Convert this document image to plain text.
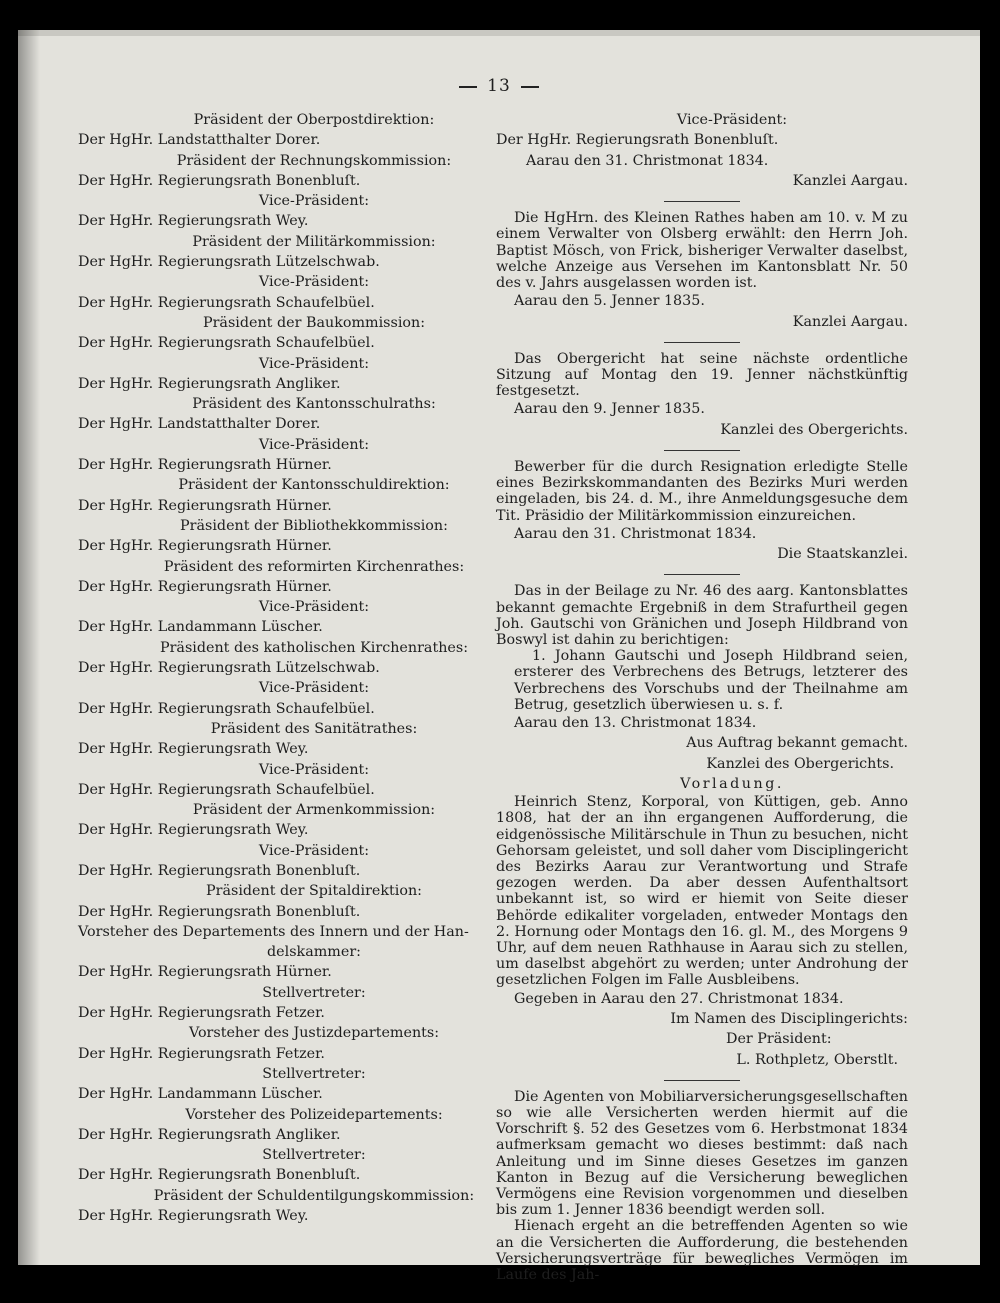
13
Präsident der Oberpostdirektion:
Der HgHr. Landstatthalter Dorer.
Präsident der Rechnungskommission:
Der HgHr. Regierungsrath Bonenbluſt.
Vice-Präsident:
Der HgHr. Regierungsrath Wey.
Präsident der Militärkommission:
Der HgHr. Regierungsrath Lützelschwab.
Vice-Präsident:
Der HgHr. Regierungsrath Schaufelbüel.
Präsident der Baukommission:
Der HgHr. Regierungsrath Schaufelbüel.
Vice-Präsident:
Der HgHr. Regierungsrath Angliker.
Präsident des Kantonsschulraths:
Der HgHr. Landstatthalter Dorer.
Vice-Präsident:
Der HgHr. Regierungsrath Hürner.
Präsident der Kantonsschuldirektion:
Der HgHr. Regierungsrath Hürner.
Präsident der Bibliothekkommission:
Der HgHr. Regierungsrath Hürner.
Präsident des reformirten Kirchenrathes:
Der HgHr. Regierungsrath Hürner.
Vice-Präsident:
Der HgHr. Landammann Lüscher.
Präsident des katholischen Kirchenrathes:
Der HgHr. Regierungsrath Lützelschwab.
Vice-Präsident:
Der HgHr. Regierungsrath Schaufelbüel.
Präsident des Sanitätrathes:
Der HgHr. Regierungsrath Wey.
Vice-Präsident:
Der HgHr. Regierungsrath Schaufelbüel.
Präsident der Armenkommission:
Der HgHr. Regierungsrath Wey.
Vice-Präsident:
Der HgHr. Regierungsrath Bonenbluſt.
Präsident der Spitaldirektion:
Der HgHr. Regierungsrath Bonenbluſt.
Vorsteher des Departements des Innern und der Han-
delskammer:
Der HgHr. Regierungsrath Hürner.
Stellvertreter:
Der HgHr. Regierungsrath Fetzer.
Vorsteher des Justizdepartements:
Der HgHr. Regierungsrath Fetzer.
Stellvertreter:
Der HgHr. Landammann Lüscher.
Vorsteher des Polizeidepartements:
Der HgHr. Regierungsrath Angliker.
Stellvertreter:
Der HgHr. Regierungsrath Bonenbluſt.
Präsident der Schuldentilgungskommission:
Der HgHr. Regierungsrath Wey.
Vice-Präsident:
Der HgHr. Regierungsrath Bonenbluſt.
Aarau den 31. Christmonat 1834.
Kanzlei Aargau.

Die HgHrn. des Kleinen Rathes haben am 10. v. M zu einem Verwalter von Olsberg erwählt: den Herrn Joh. Baptist Mösch, von Frick, bisheriger Verwalter daselbst, welche Anzeige aus Versehen im Kantonsblatt Nr. 50 des v. Jahrs ausgelassen worden ist.

Aarau den 5. Jenner 1835.
Kanzlei Aargau.

Das Obergericht hat seine nächste ordentliche Sitzung auf Montag den 19. Jenner nächstkünftig festgesetzt.

Aarau den 9. Jenner 1835.
Kanzlei des Obergerichts.

Bewerber für die durch Resignation erledigte Stelle eines Bezirkskommandanten des Bezirks Muri werden eingeladen, bis 24. d. M., ihre Anmeldungsgesuche dem Tit. Präsidio der Militärkommission einzureichen.

Aarau den 31. Christmonat 1834.
Die Staatskanzlei.

Das in der Beilage zu Nr. 46 des aarg. Kantonsblattes bekannt gemachte Ergebniß in dem Strafurtheil gegen Joh. Gautschi von Gränichen und Joseph Hildbrand von Boswyl ist dahin zu berichtigen:

1. Johann Gautschi und Joseph Hildbrand seien, ersterer des Verbrechens des Betrugs, letzterer des Verbrechens des Vorschubs und der Theilnahme am Betrug, gesetzlich überwiesen u. s. f.

Aarau den 13. Christmonat 1834.
Aus Auftrag bekannt gemacht.
Kanzlei des Obergerichts.
Vorladung.

Heinrich Stenz, Korporal, von Küttigen, geb. Anno 1808, hat der an ihn ergangenen Aufforderung, die eidgenössische Militärschule in Thun zu besuchen, nicht Gehorsam geleistet, und soll daher vom Disciplingericht des Bezirks Aarau zur Verantwortung und Strafe gezogen werden. Da aber dessen Aufenthaltsort unbekannt ist, so wird er hiemit von Seite dieser Behörde edikaliter vorgeladen, entweder Montags den 2. Hornung oder Montags den 16. gl. M., des Morgens 9 Uhr, auf dem neuen Rathhause in Aarau sich zu stellen, um daselbst abgehört zu werden; unter Androhung der gesetzlichen Folgen im Falle Ausbleibens.

Gegeben in Aarau den 27. Christmonat 1834.
Im Namen des Disciplingerichts:
Der Präsident:
L. Rothpletz, Oberstlt.

Die Agenten von Mobiliarversicherungsgesellschaften so wie alle Versicherten werden hiermit auf die Vorschrift §. 52 des Gesetzes vom 6. Herbstmonat 1834 aufmerksam gemacht wo dieses bestimmt: daß nach Anleitung und im Sinne dieses Gesetzes im ganzen Kanton in Bezug auf die Versicherung beweglichen Vermögens eine Revision vorgenommen und dieselben bis zum 1. Jenner 1836 beendigt werden soll.

Hienach ergeht an die betreffenden Agenten so wie an die Versicherten die Aufforderung, die bestehenden Versicherungsverträge für bewegliches Vermögen im Laufe des Jah-
